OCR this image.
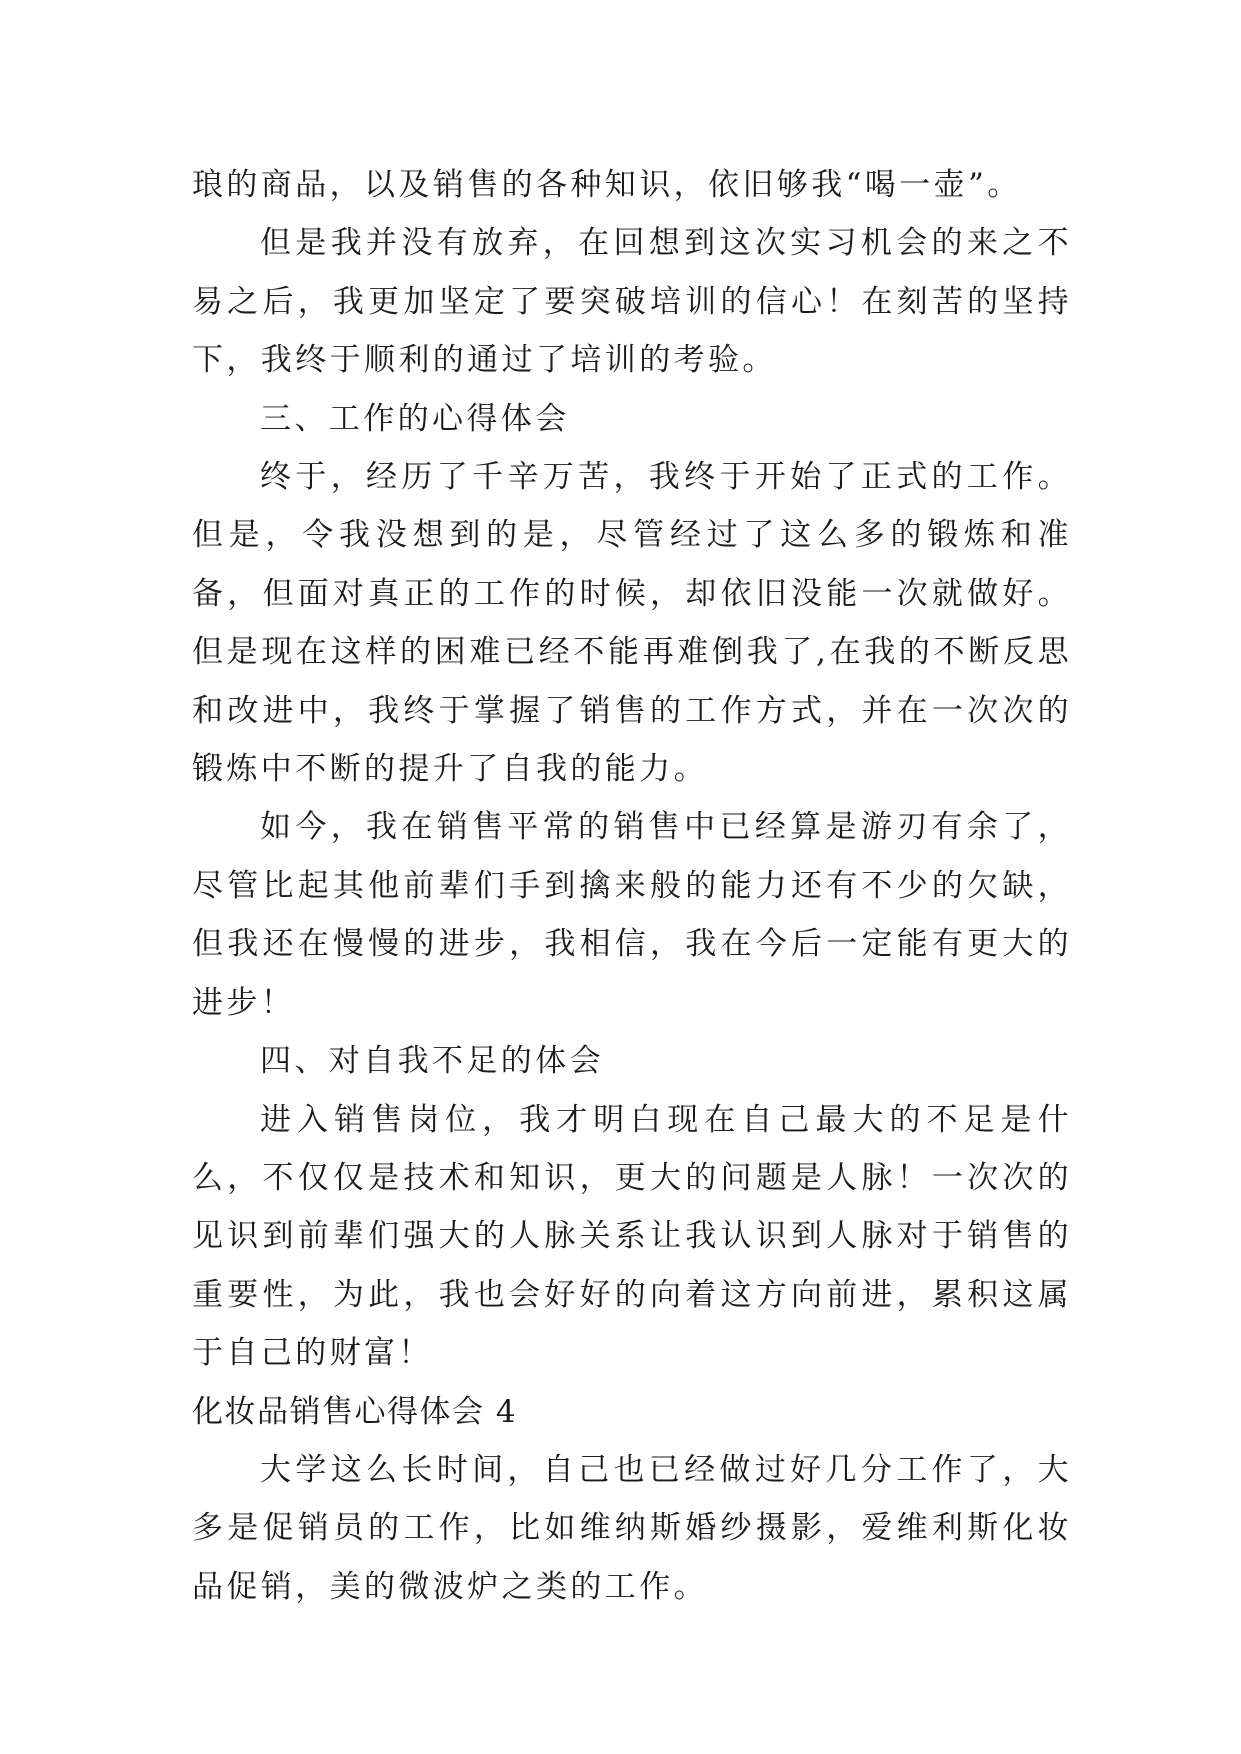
琅的商品，以及销售的各种知识，依旧够我“喝一壶”。

但是我并没有放弃，在回想到这次实习机会的来之不易之后，我更加坚定了要突破培训的信心！在刻苦的坚持下，我终于顺利的通过了培训的考验。

三、工作的心得体会

终于，经历了千辛万苦，我终于开始了正式的工作。但是，令我没想到的是，尽管经过了这么多的锻炼和准备，但面对真正的工作的时候，却依旧没能一次就做好。但是现在这样的困难已经不能再难倒我了,在我的不断反思和改进中，我终于掌握了销售的工作方式，并在一次次的锻炼中不断的提升了自我的能力。

如今，我在销售平常的销售中已经算是游刃有余了，尽管比起其他前辈们手到擒来般的能力还有不少的欠缺，但我还在慢慢的进步，我相信，我在今后一定能有更大的进步！

四、对自我不足的体会

进入销售岗位，我才明白现在自己最大的不足是什么，不仅仅是技术和知识，更大的问题是人脉！一次次的见识到前辈们强大的人脉关系让我认识到人脉对于销售的重要性，为此，我也会好好的向着这方向前进，累积这属于自己的财富！

化妆品销售心得体会 4

大学这么长时间，自己也已经做过好几分工作了，大多是促销员的工作，比如维纳斯婚纱摄影，爱维利斯化妆品促销，美的微波炉之类的工作。
